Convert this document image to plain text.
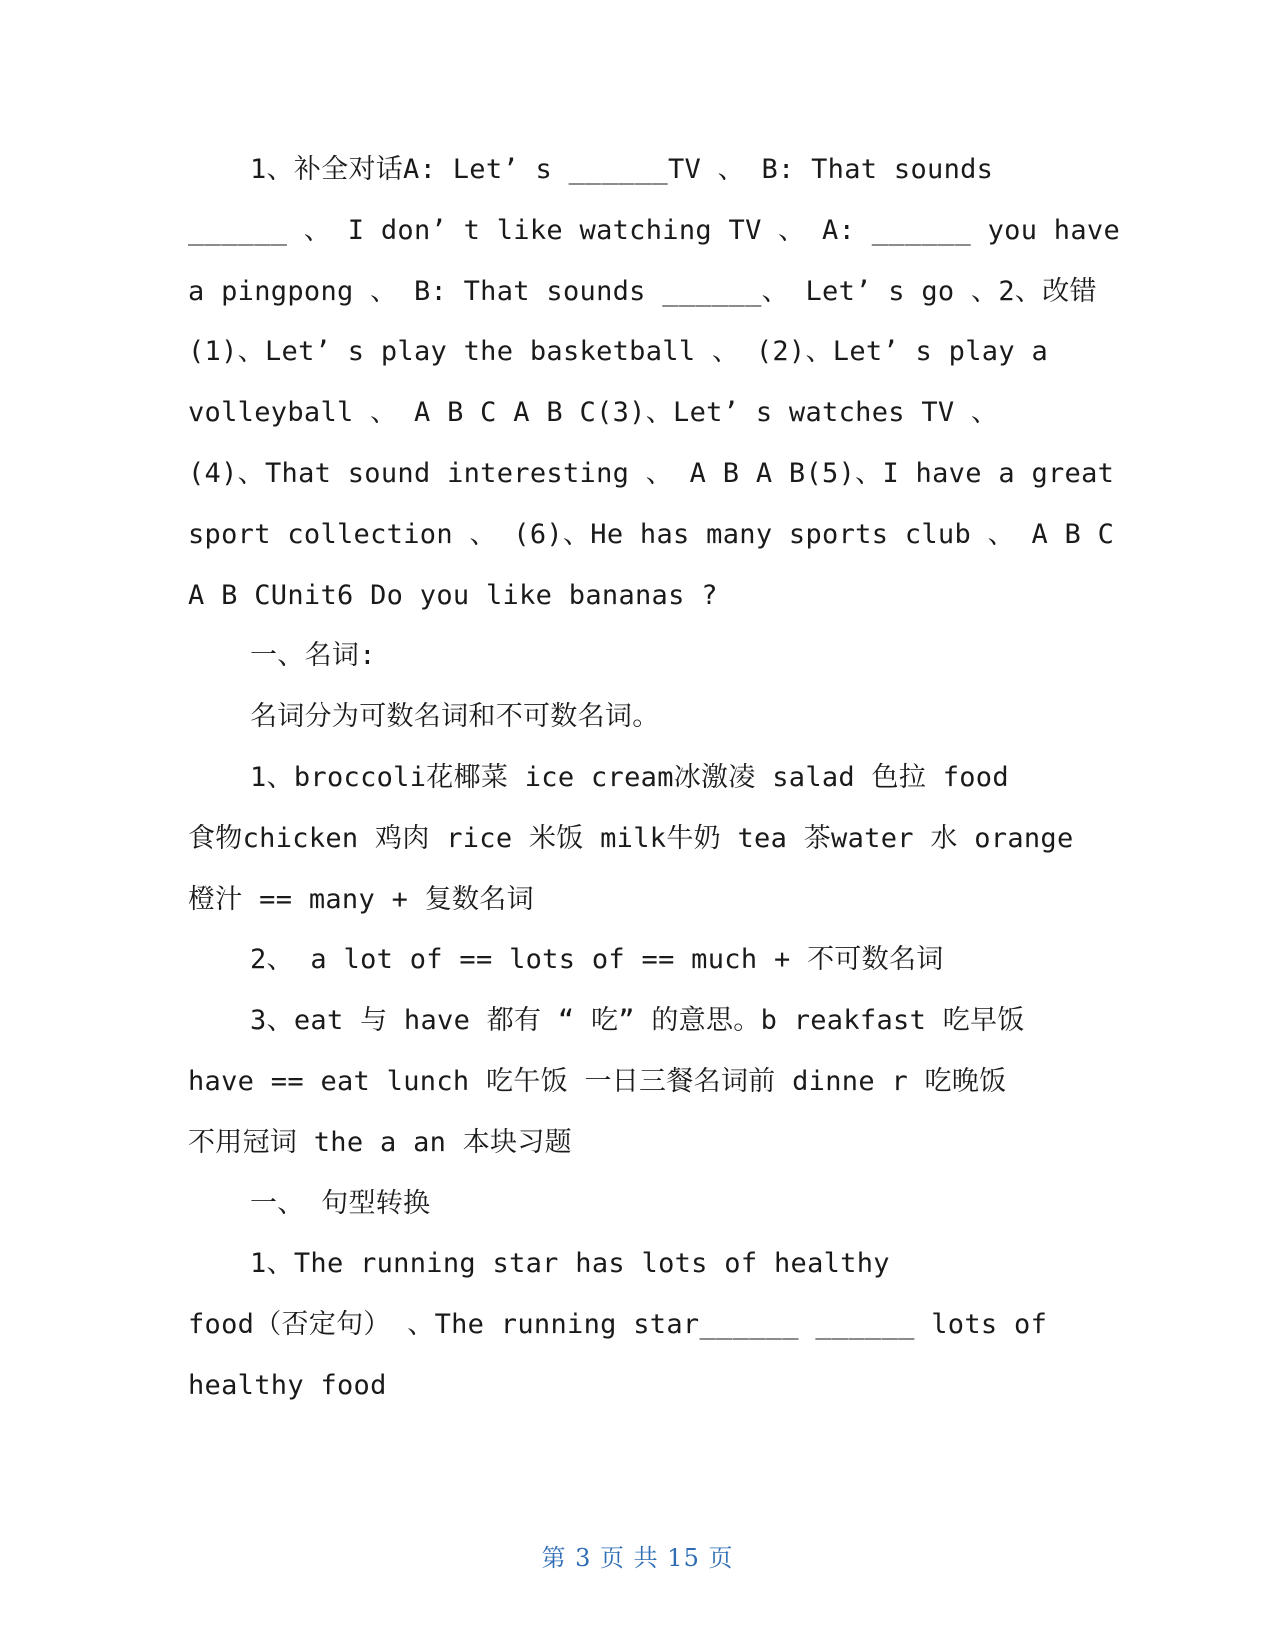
1、补全对话A: Let’ s ______TV 、 B: That sounds
______ 、 I don’ t like watching TV 、 A: ______ you have
a pingpong 、 B: That sounds ______、 Let’ s go 、2、改错
(1)、Let’ s play the basketball 、 (2)、Let’ s play a
volleyball 、 A B C A B C(3)、Let’ s watches TV 、
(4)、That sound interesting 、 A B A B(5)、I have a great
sport collection 、 (6)、He has many sports club 、 A B C
A B CUnit6 Do you like bananas ?
一、名词:
名词分为可数名词和不可数名词。
1、broccoli花椰菜 ice cream冰激凌 salad 色拉 food
食物chicken 鸡肉 rice 米饭 milk牛奶 tea 茶water 水 orange
橙汁 == many + 复数名词
2、 a lot of == lots of == much + 不可数名词
3、eat 与 have 都有 “ 吃” 的意思。b reakfast 吃早饭
have == eat lunch 吃午饭 一日三餐名词前 dinne r 吃晚饭
不用冠词 the a an 本块习题
一、 句型转换
1、The running star has lots of healthy
food（否定句） 、The running star______ ______ lots of
healthy food
第 3 页 共 15 页
